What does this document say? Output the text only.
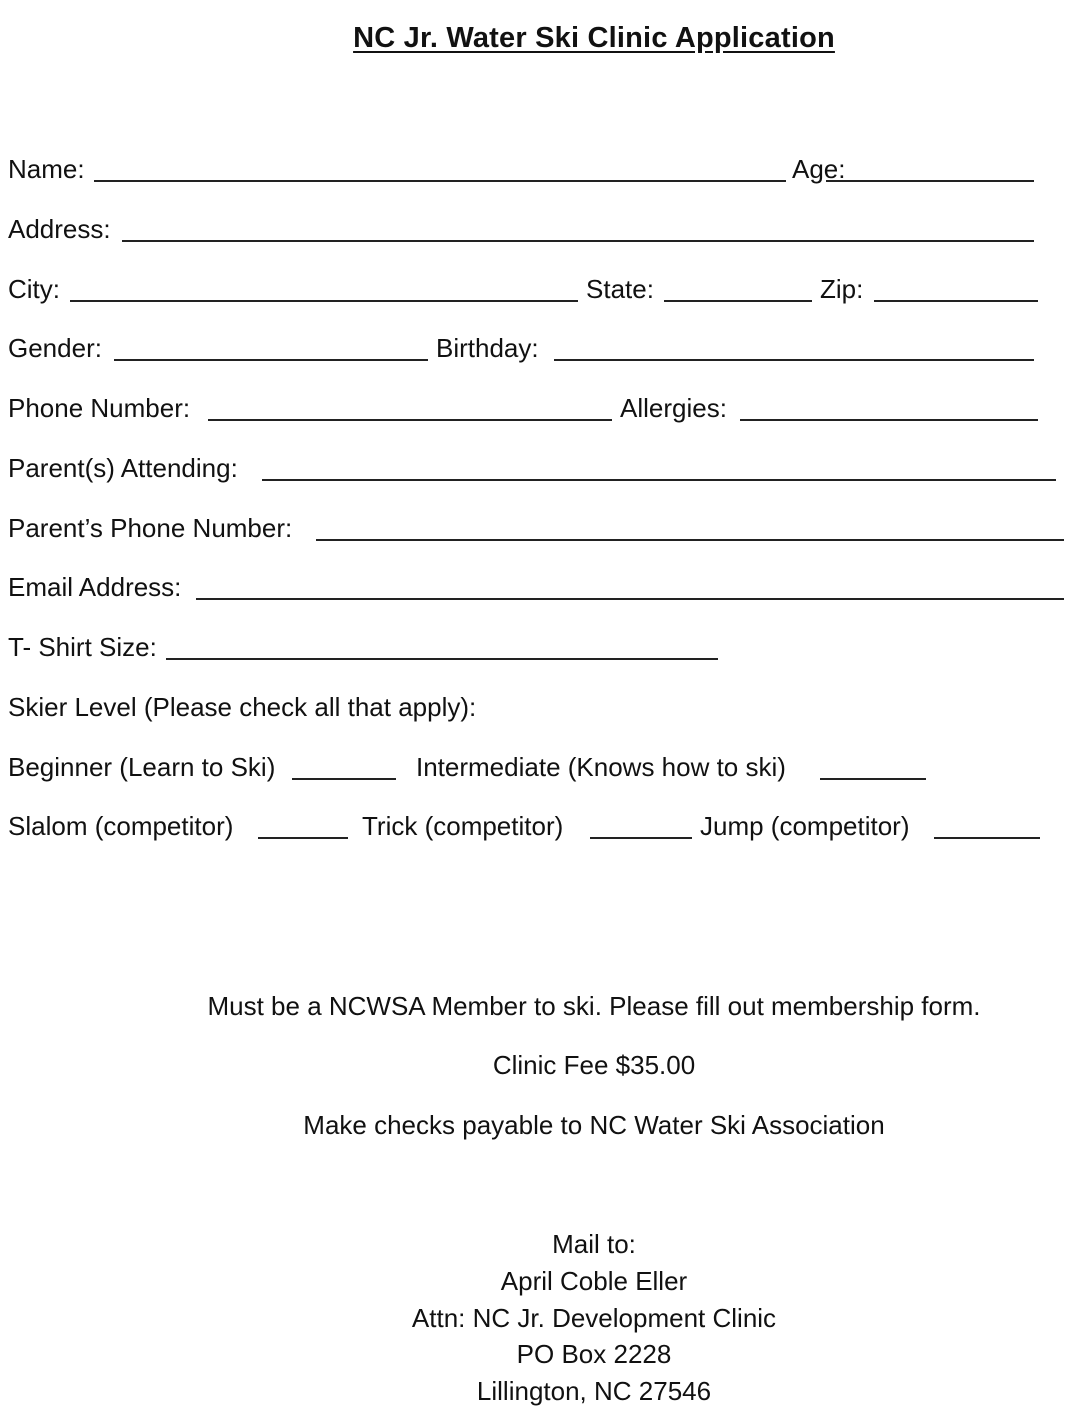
NC Jr. Water Ski Clinic Application
Name:	Age:
Address:
City:	State:	Zip:
Gender:	Birthday:
Phone Number:	Allergies:
Parent(s) Attending:
Parent’s Phone Number:
Email Address:
T- Shirt Size:
Skier Level (Please check all that apply):
Beginner (Learn to Ski)	Intermediate (Knows how to ski)
Slalom (competitor)	Trick (competitor)	Jump (competitor)
Must be a NCWSA Member to ski. Please fill out membership form.
Clinic Fee $35.00
Make checks payable to NC Water Ski Association
Mail to:
April Coble Eller
Attn: NC Jr. Development Clinic
PO Box 2228
Lillington, NC 27546
